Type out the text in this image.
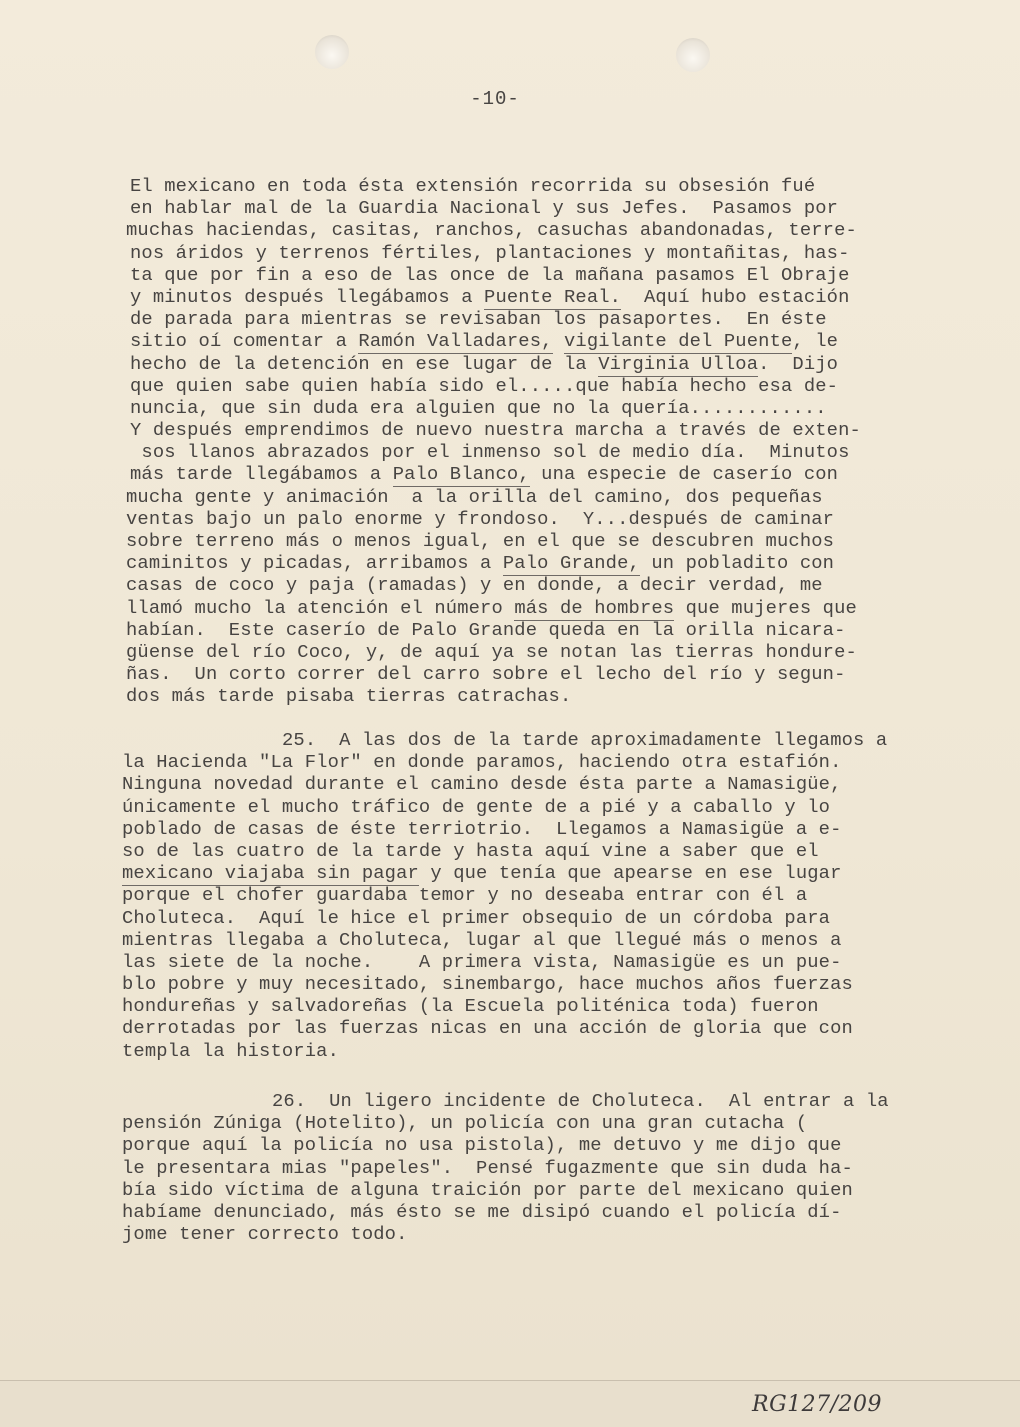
-10-
El mexicano en toda ésta extensión recorrida su obsesión fué
en hablar mal de la Guardia Nacional y sus Jefes.  Pasamos por
muchas haciendas, casitas, ranchos, casuchas abandonadas, terre-
nos áridos y terrenos fértiles, plantaciones y montañitas, has-
ta que por fin a eso de las once de la mañana pasamos El Obraje
y minutos después llegábamos a Puente Real.  Aquí hubo estación
de parada para mientras se revisaban los pasaportes.  En éste
sitio oí comentar a Ramón Valladares, vigilante del Puente, le
hecho de la detención en ese lugar de la Virginia Ulloa.  Dijo
que quien sabe quien había sido el.....que había hecho esa de-
nuncia, que sin duda era alguien que no la quería............
Y después emprendimos de nuevo nuestra marcha a través de exten-
sos llanos abrazados por el inmenso sol de medio día.  Minutos
más tarde llegábamos a Palo Blanco, una especie de caserío con
mucha gente y animación  a la orilla del camino, dos pequeñas
ventas bajo un palo enorme y frondoso.  Y...después de caminar
sobre terreno más o menos igual, en el que se descubren muchos
caminitos y picadas, arribamos a Palo Grande, un pobladito con
casas de coco y paja (ramadas) y en donde, a decir verdad, me
llamó mucho la atención el número más de hombres que mujeres que
habían.  Este caserío de Palo Grande queda en la orilla nicara-
güense del río Coco, y, de aquí ya se notan las tierras hondure-
ñas.  Un corto correr del carro sobre el lecho del río y segun-
dos más tarde pisaba tierras catrachas.
25.  A las dos de la tarde aproximadamente llegamos a
la Hacienda "La Flor" en donde paramos, haciendo otra estafión.
Ninguna novedad durante el camino desde ésta parte a Namasigüe,
únicamente el mucho tráfico de gente de a pié y a caballo y lo
poblado de casas de éste terriotrio.  Llegamos a Namasigüe a e-
so de las cuatro de la tarde y hasta aquí vine a saber que el
mexicano viajaba sin pagar y que tenía que apearse en ese lugar
porque el chofer guardaba temor y no deseaba entrar con él a
Choluteca.  Aquí le hice el primer obsequio de un córdoba para
mientras llegaba a Choluteca, lugar al que llegué más o menos a
las siete de la noche.    A primera vista, Namasigüe es un pue-
blo pobre y muy necesitado, sinembargo, hace muchos años fuerzas
hondureñas y salvadoreñas (la Escuela politénica toda) fueron
derrotadas por las fuerzas nicas en una acción de gloria que con
templa la historia.
26.  Un ligero incidente de Choluteca.  Al entrar a la
pensión Zúniga (Hotelito), un policía con una gran cutacha (
porque aquí la policía no usa pistola), me detuvo y me dijo que
le presentara mias "papeles".  Pensé fugazmente que sin duda ha-
bía sido víctima de alguna traición por parte del mexicano quien
habíame denunciado, más ésto se me disipó cuando el policía dí-
jome tener correcto todo.
RG127/209
